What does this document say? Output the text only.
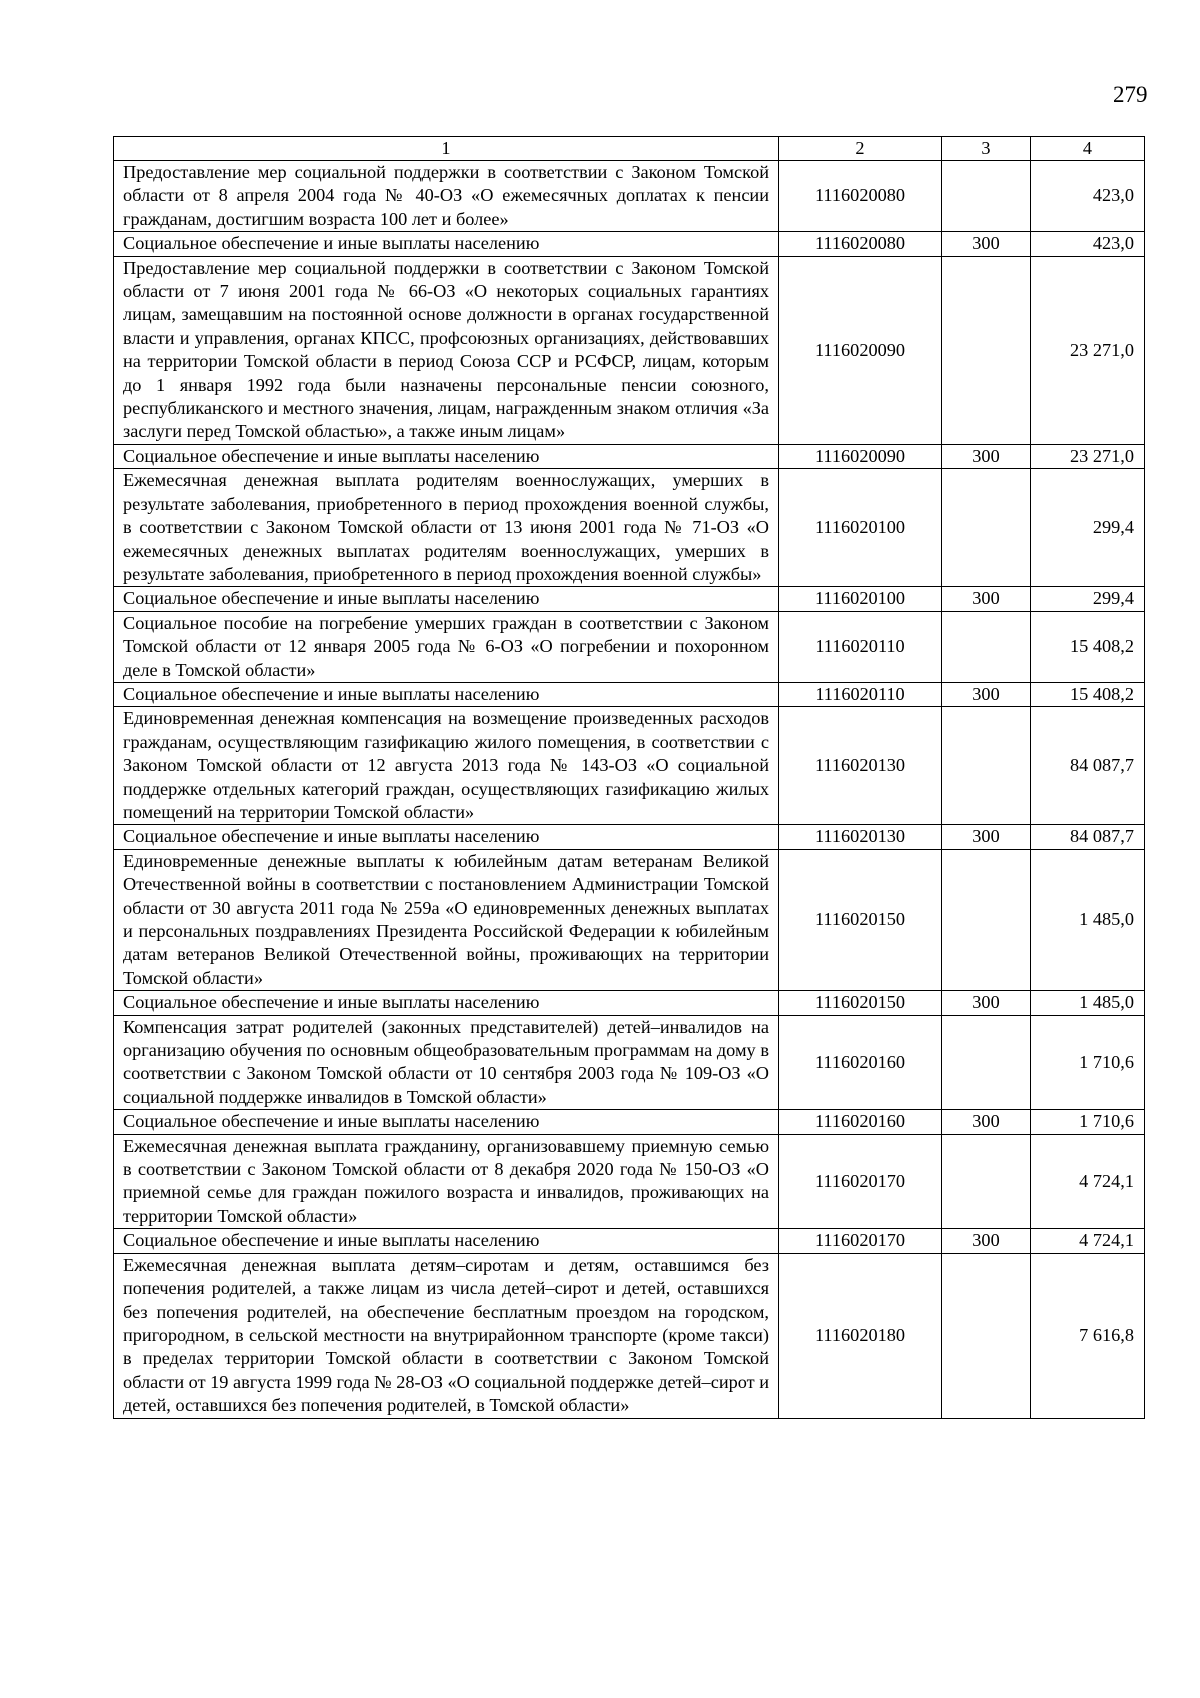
279
1	2	3	4
Предоставление мер социальной поддержки в соответствии с Законом Томской области от 8 апреля 2004 года № 40-ОЗ «О ежемесячных доплатах к пенсии гражданам, достигшим возраста 100 лет и более»	1116020080		423,0
Социальное обеспечение и иные выплаты населению	1116020080	300	423,0
Предоставление мер социальной поддержки в соответствии с Законом Томской области от 7 июня 2001 года № 66-ОЗ «О некоторых социальных гарантиях лицам, замещавшим на постоянной основе должности в органах государственной власти и управления, органах КПСС, профсоюзных организациях, действовавших на территории Томской области в период Союза ССР и РСФСР, лицам, которым до 1 января 1992 года были назначены персональные пенсии союзного, республиканского и местного значения, лицам, награжденным знаком отличия «За заслуги перед Томской областью», а также иным лицам»	1116020090		23 271,0
Социальное обеспечение и иные выплаты населению	1116020090	300	23 271,0
Ежемесячная денежная выплата родителям военнослужащих, умерших в результате заболевания, приобретенного в период прохождения военной службы, в соответствии с Законом Томской области от 13 июня 2001 года № 71-ОЗ «О ежемесячных денежных выплатах родителям военнослужащих, умерших в результате заболевания, приобретенного в период прохождения военной службы»	1116020100		299,4
Социальное обеспечение и иные выплаты населению	1116020100	300	299,4
Социальное пособие на погребение умерших граждан в соответствии с Законом Томской области от 12 января 2005 года № 6-ОЗ «О погребении и похоронном деле в Томской области»	1116020110		15 408,2
Социальное обеспечение и иные выплаты населению	1116020110	300	15 408,2
Единовременная денежная компенсация на возмещение произведенных расходов гражданам, осуществляющим газификацию жилого помещения, в соответствии с Законом Томской области от 12 августа 2013 года № 143-ОЗ «О социальной поддержке отдельных категорий граждан, осуществляющих газификацию жилых помещений на территории Томской области»	1116020130		84 087,7
Социальное обеспечение и иные выплаты населению	1116020130	300	84 087,7
Единовременные денежные выплаты к юбилейным датам ветеранам Великой Отечественной войны в соответствии с постановлением Администрации Томской области от 30 августа 2011 года № 259а «О единовременных денежных выплатах и персональных поздравлениях Президента Российской Федерации к юбилейным датам ветеранов Великой Отечественной войны, проживающих на территории Томской области»	1116020150		1 485,0
Социальное обеспечение и иные выплаты населению	1116020150	300	1 485,0
Компенсация затрат родителей (законных представителей) детей–инвалидов на организацию обучения по основным общеобразовательным программам на дому в соответствии с Законом Томской области от 10 сентября 2003 года № 109-ОЗ «О социальной поддержке инвалидов в Томской области»	1116020160		1 710,6
Социальное обеспечение и иные выплаты населению	1116020160	300	1 710,6
Ежемесячная денежная выплата гражданину, организовавшему приемную семью в соответствии с Законом Томской области от 8 декабря 2020 года № 150-ОЗ «О приемной семье для граждан пожилого возраста и инвалидов, проживающих на территории Томской области»	1116020170		4 724,1
Социальное обеспечение и иные выплаты населению	1116020170	300	4 724,1
Ежемесячная денежная выплата детям–сиротам и детям, оставшимся без попечения родителей, а также лицам из числа детей–сирот и детей, оставшихся без попечения родителей, на обеспечение бесплатным проездом на городском, пригородном, в сельской местности на внутрирайонном транспорте (кроме такси) в пределах территории Томской области в соответствии с Законом Томской области от 19 августа 1999 года № 28-ОЗ «О социальной поддержке детей–сирот и детей, оставшихся без попечения родителей, в Томской области»	1116020180		7 616,8
